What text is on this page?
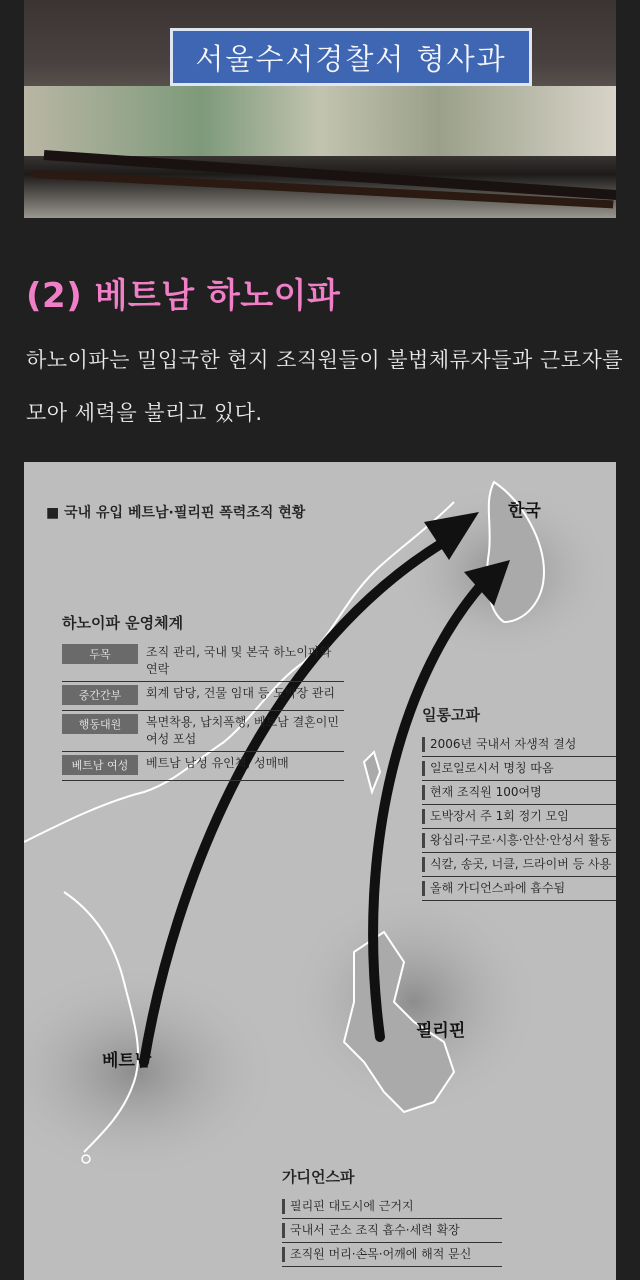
서울수서경찰서 형사과
(2) 베트남 하노이파
하노이파는 밀입국한 현지 조직원들이 불법체류자들과 근로자를 모아 세력을 불리고 있다.
■ 국내 유입 베트남·필리핀 폭력조직 현황	한국
베트남
필리핀
하노이파 운영체계
두목	조직 관리, 국내 및 본국 하노이파와 연락
중간간부	회계 담당, 건물 임대 등 도박장 관리
행동대원	복면착용, 납치폭행, 베트남 결혼이민여성 포섭
베트남 여성	베트남 남성 유인책, 성매매
일롱고파
2006년 국내서 자생적 결성
일로일로시서 명칭 따옴
현재 조직원 100여명
도박장서 주 1회 정기 모임
왕십리·구로·시흥·안산·안성서 활동
식칼, 송곳, 너클, 드라이버 등 사용
올해 가디언스파에 흡수됨
가디언스파
필리핀 대도시에 근거지
국내서 군소 조직 흡수·세력 확장
조직원 머리·손목·어깨에 해적 문신
